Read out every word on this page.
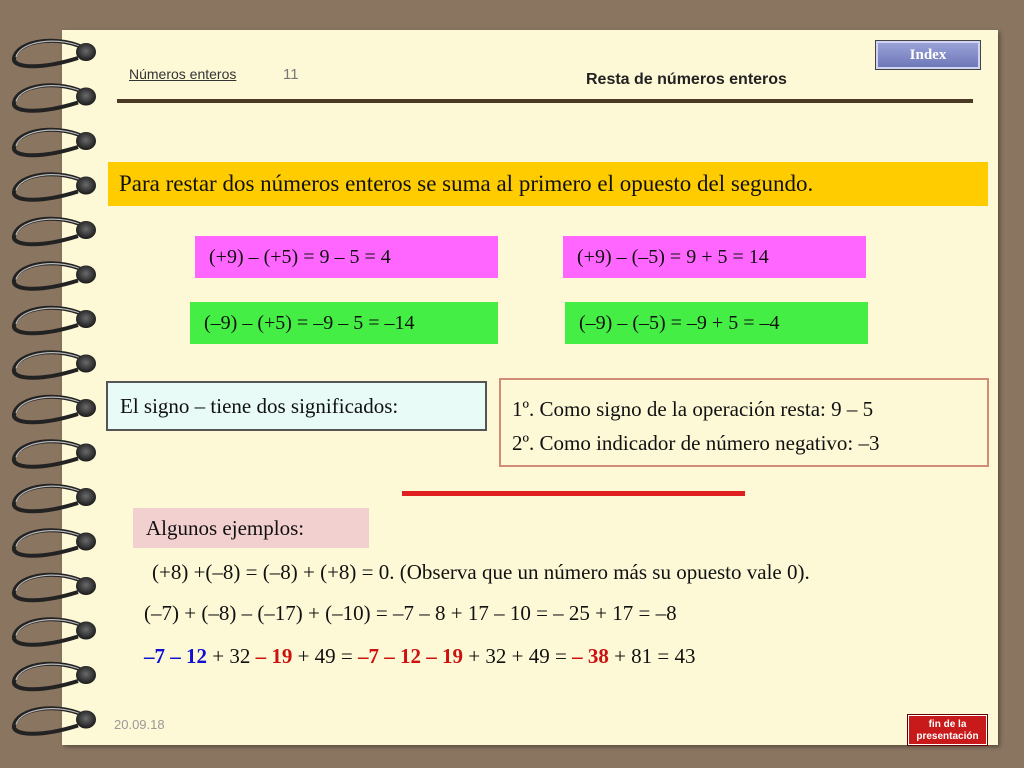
Números enteros	11	Resta de números enteros
Index
Para restar dos números enteros se suma al primero el opuesto del segundo.
(+9) – (+5) = 9 – 5 = 4	(+9) – (–5) = 9 + 5 = 14
(–9) – (+5) = –9 – 5 = –14	(–9) – (–5) = –9 + 5 = –4
El signo – tiene dos significados:	1º. Como signo de la operación resta: 9 – 5
2º. Como indicador de número negativo: –3
Algunos ejemplos:
(+8) +(–8) = (–8) + (+8) = 0. (Observa que un número más su opuesto vale 0).
(–7) + (–8) – (–17) + (–10) = –7 – 8 + 17 – 10 = – 25 + 17 = –8
–7 – 12 + 32 – 19 + 49 = –7 – 12 – 19 + 32 + 49 = – 38 + 81 = 43
20.09.18	fin de la
presentación
